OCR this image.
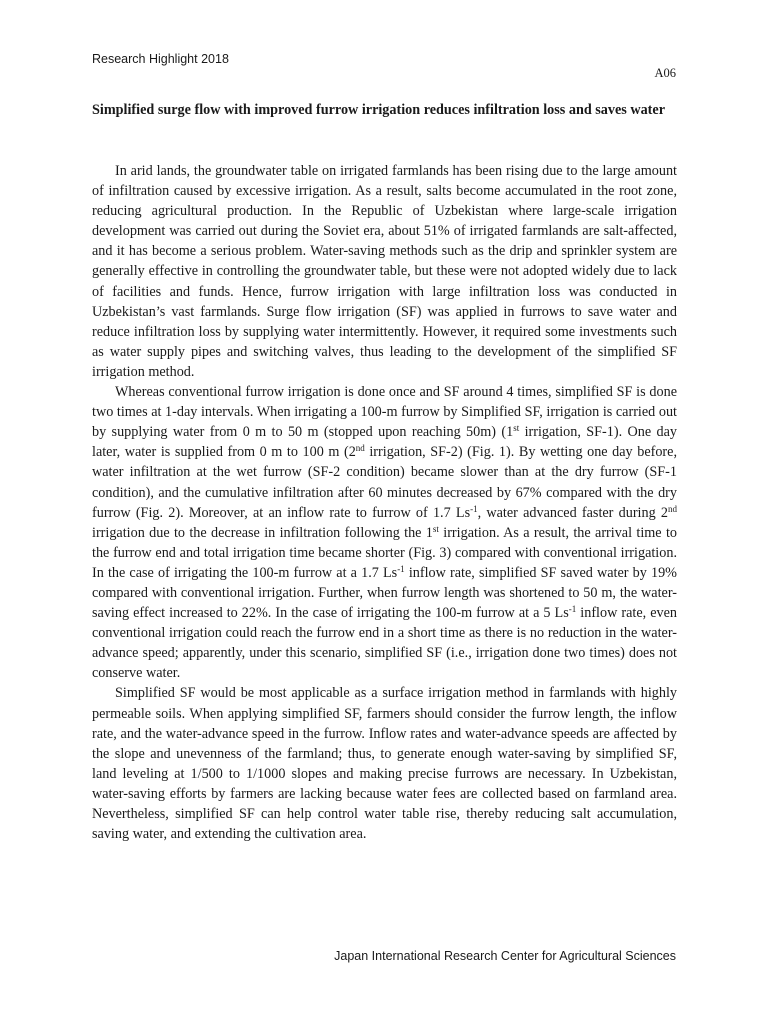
Research Highlight 2018
A06
Simplified surge flow with improved furrow irrigation reduces infiltration loss and saves water

In arid lands, the groundwater table on irrigated farmlands has been rising due to the large amount of infiltration caused by excessive irrigation. As a result, salts become accumulated in the root zone, reducing agricultural production. In the Republic of Uzbekistan where large-scale irrigation development was carried out during the Soviet era, about 51% of irrigated farmlands are salt-affected, and it has become a serious problem. Water-saving methods such as the drip and sprinkler system are generally effective in controlling the groundwater table, but these were not adopted widely due to lack of facilities and funds. Hence, furrow irrigation with large infiltration loss was conducted in Uzbekistan’s vast farmlands. Surge flow irrigation (SF) was applied in furrows to save water and reduce infiltration loss by supplying water intermittently. However, it required some investments such as water supply pipes and switching valves, thus leading to the development of the simplified SF irrigation method.

Whereas conventional furrow irrigation is done once and SF around 4 times, simplified SF is done two times at 1-day intervals. When irrigating a 100-m furrow by Simplified SF, irrigation is carried out by supplying water from 0 m to 50 m (stopped upon reaching 50m) (1st irrigation, SF-1). One day later, water is supplied from 0 m to 100 m (2nd irrigation, SF-2) (Fig. 1). By wetting one day before, water infiltration at the wet furrow (SF-2 condition) became slower than at the dry furrow (SF-1 condition), and the cumulative infiltration after 60 minutes decreased by 67% compared with the dry furrow (Fig. 2). Moreover, at an inflow rate to furrow of 1.7 $Ls^{-1}$, water advanced faster during 2nd irrigation due to the decrease in infiltration following the 1st irrigation. As a result, the arrival time to the furrow end and total irrigation time became shorter (Fig. 3) compared with conventional irrigation. In the case of irrigating the 100-m furrow at a 1.7 $Ls^{-1}$ inflow rate, simplified SF saved water by 19% compared with conventional irrigation. Further, when furrow length was shortened to 50 m, the water-saving effect increased to 22%. In the case of irrigating the 100-m furrow at a 5 $Ls^{-1}$ inflow rate, even conventional irrigation could reach the furrow end in a short time as there is no reduction in the water-advance speed; apparently, under this scenario, simplified SF (i.e., irrigation done two times) does not conserve water.

Simplified SF would be most applicable as a surface irrigation method in farmlands with highly permeable soils. When applying simplified SF, farmers should consider the furrow length, the inflow rate, and the water-advance speed in the furrow. Inflow rates and water-advance speeds are affected by the slope and unevenness of the farmland; thus, to generate enough water-saving by simplified SF, land leveling at 1/500 to 1/1000 slopes and making precise furrows are necessary. In Uzbekistan, water-saving efforts by farmers are lacking because water fees are collected based on farmland area. Nevertheless, simplified SF can help control water table rise, thereby reducing salt accumulation, saving water, and extending the cultivation area.

Japan International Research Center for Agricultural Sciences
